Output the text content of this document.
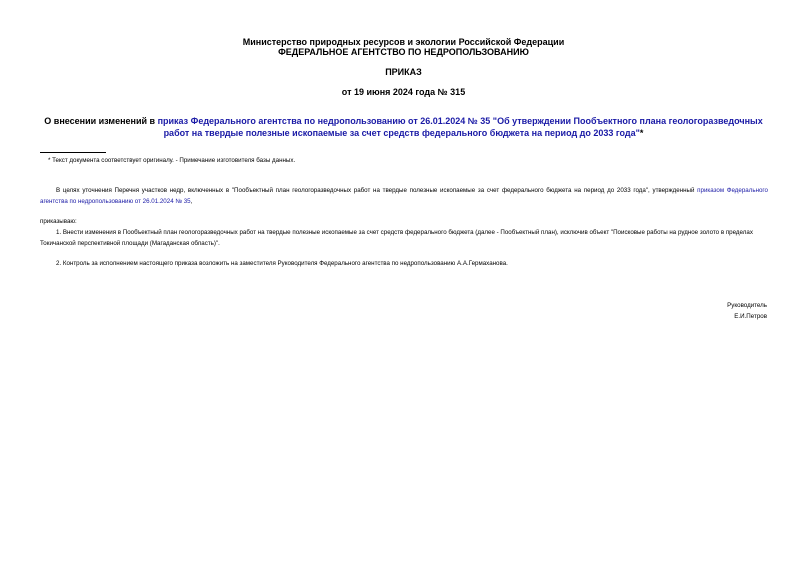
Министерство природных ресурсов и экологии Российской Федерации
ФЕДЕРАЛЬНОЕ АГЕНТСТВО ПО НЕДРОПОЛЬЗОВАНИЮ
ПРИКАЗ
от 19 июня 2024 года № 315
О внесении изменений в приказ Федерального агентства по недропользованию от 26.01.2024 № 35 "Об утверждении Пообъектного плана геологоразведочных работ на твердые полезные ископаемые за счет средств федерального бюджета на период до 2033 года"*
* Текст документа соответствует оригиналу. - Примечание изготовителя базы данных.
В целях уточнения Перечня участков недр, включенных в "Пообъектный план геологоразведочных работ на твердые полезные ископаемые за счет федерального бюджета на период до 2033 года", утвержденный приказом Федерального агентства по недропользованию от 26.01.2024 № 35,
приказываю:
1. Внести изменения в Пообъектный план геологоразведочных работ на твердые полезные ископаемые за счет средств федерального бюджета (далее - Пообъектный план), исключив объект "Поисковые работы на рудное золото в пределах Токичанской перспективной площади (Магаданская область)".
2. Контроль за исполнением настоящего приказа возложить на заместителя Руководителя Федерального агентства по недропользованию А.А.Гермаханова.
Руководитель
Е.И.Петров
